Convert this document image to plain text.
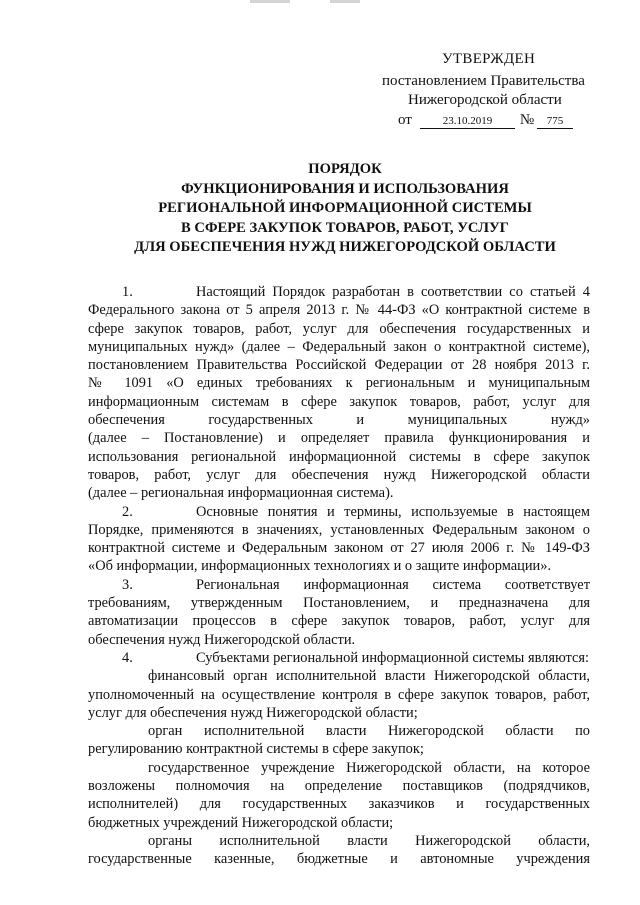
УТВЕРЖДЕН
постановлением Правительства
Нижегородской области
от	23.10.2019 № 775
ПОРЯДОК
ФУНКЦИОНИРОВАНИЯ И ИСПОЛЬЗОВАНИЯ
РЕГИОНАЛЬНОЙ ИНФОРМАЦИОННОЙ СИСТЕМЫ
В СФЕРЕ ЗАКУПОК ТОВАРОВ, РАБОТ, УСЛУГ
ДЛЯ ОБЕСПЕЧЕНИЯ НУЖД НИЖЕГОРОДСКОЙ ОБЛАСТИ
1.	Настоящий Порядок разработан в соответствии со статьей 4
Федерального закона от 5 апреля 2013 г. № 44-ФЗ «О контрактной системе в
сфере закупок товаров, работ, услуг для обеспечения государственных и
муниципальных нужд» (далее – Федеральный закон о контрактной системе),
постановлением Правительства Российской Федерации от 28 ноября 2013 г.
№ 1091 «О единых требованиях к региональным и муниципальным
информационным системам в сфере закупок товаров, работ, услуг для
обеспечения государственных и муниципальных нужд»
(далее – Постановление) и определяет правила функционирования и
использования региональной информационной системы в сфере закупок
товаров, работ, услуг для обеспечения нужд Нижегородской области
(далее – региональная информационная система).
2.	Основные понятия и термины, используемые в настоящем
Порядке, применяются в значениях, установленных Федеральным законом о
контрактной системе и Федеральным законом от 27 июля 2006 г. № 149-ФЗ
«Об информации, информационных технологиях и о защите информации».
3.	Региональная информационная система соответствует
требованиям, утвержденным Постановлением, и предназначена для
автоматизации процессов в сфере закупок товаров, работ, услуг для
обеспечения нужд Нижегородской области.
4.	Субъектами региональной информационной системы являются:
финансовый орган исполнительной власти Нижегородской области,
уполномоченный на осуществление контроля в сфере закупок товаров, работ,
услуг для обеспечения нужд Нижегородской области;
орган исполнительной власти Нижегородской области по
регулированию контрактной системы в сфере закупок;
государственное учреждение Нижегородской области, на которое
возложены полномочия на определение поставщиков (подрядчиков,
исполнителей) для государственных заказчиков и государственных
бюджетных учреждений Нижегородской области;
органы исполнительной власти Нижегородской области,
государственные казенные, бюджетные и автономные учреждения
